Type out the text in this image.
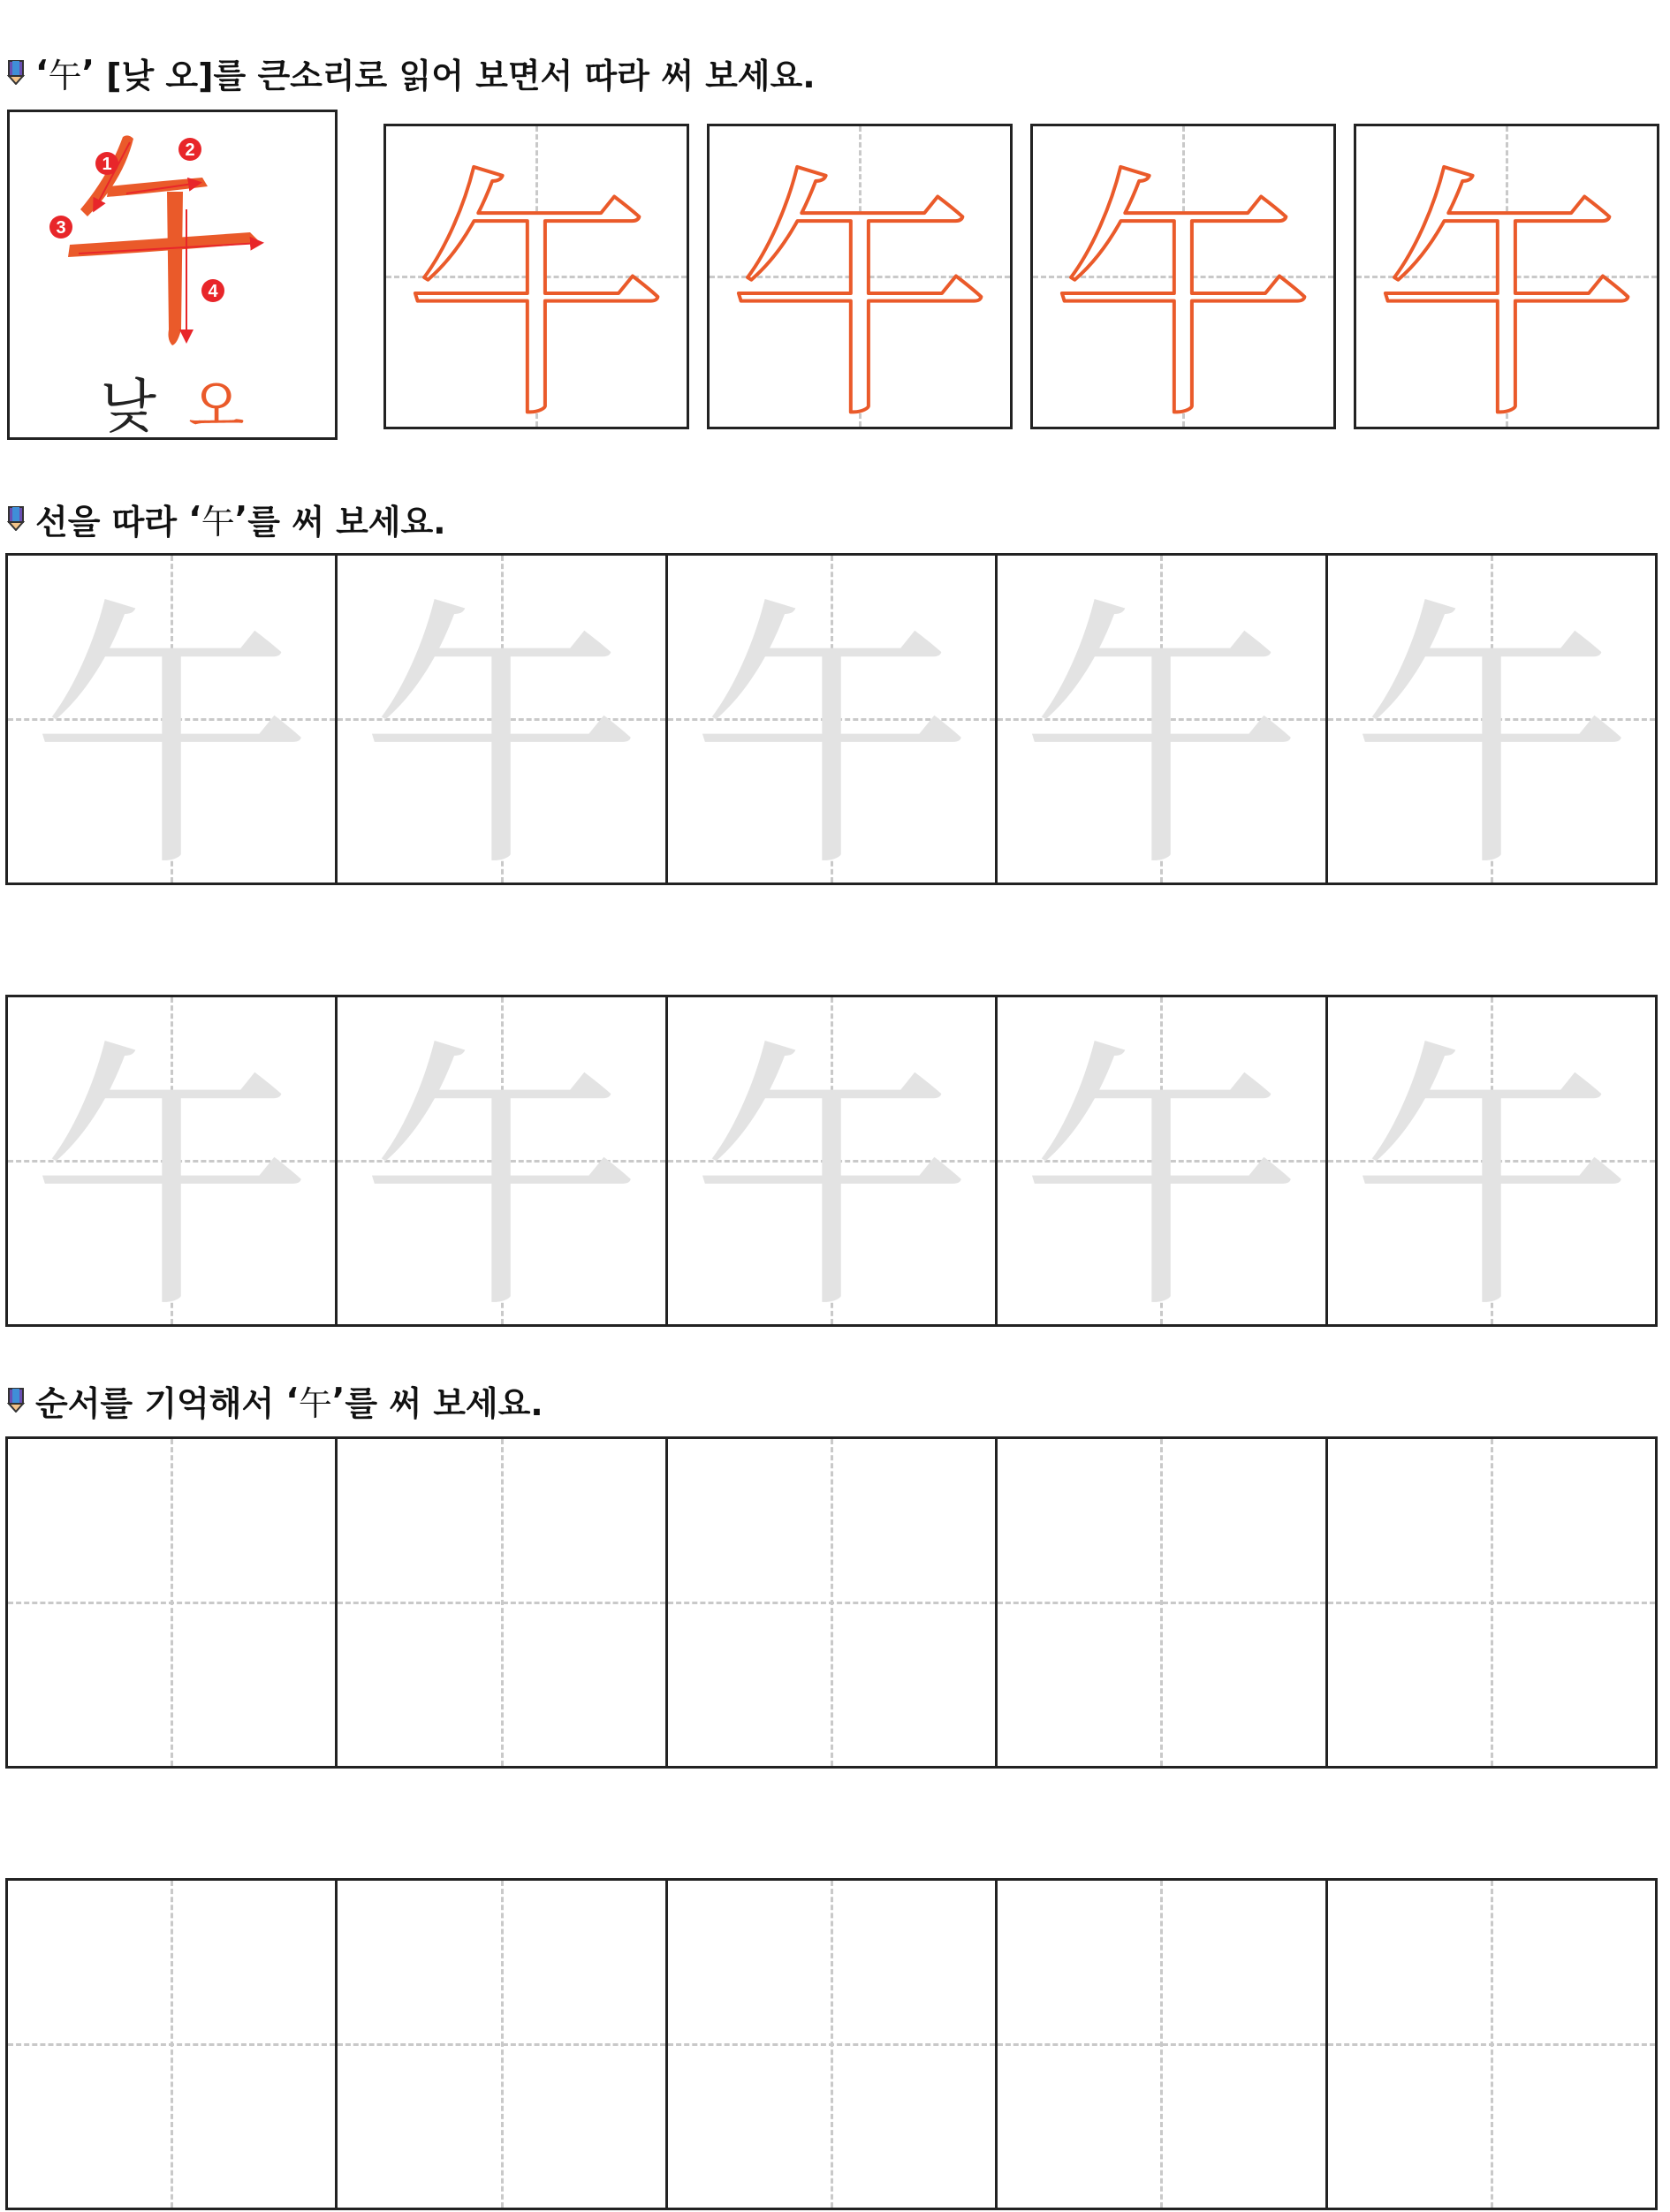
‘ 午 ’ [낮 오]를 큰소리로 읽어 보면서 따라 써 보세요.
1
2
3
4
낮 오 午 午 午 午
선을 따라 ‘ 午 ’ 를 써 보세요.
午 午 午 午 午
午 午 午 午 午
순서를 기억해서 ‘ 午 ’ 를 써 보세요.
